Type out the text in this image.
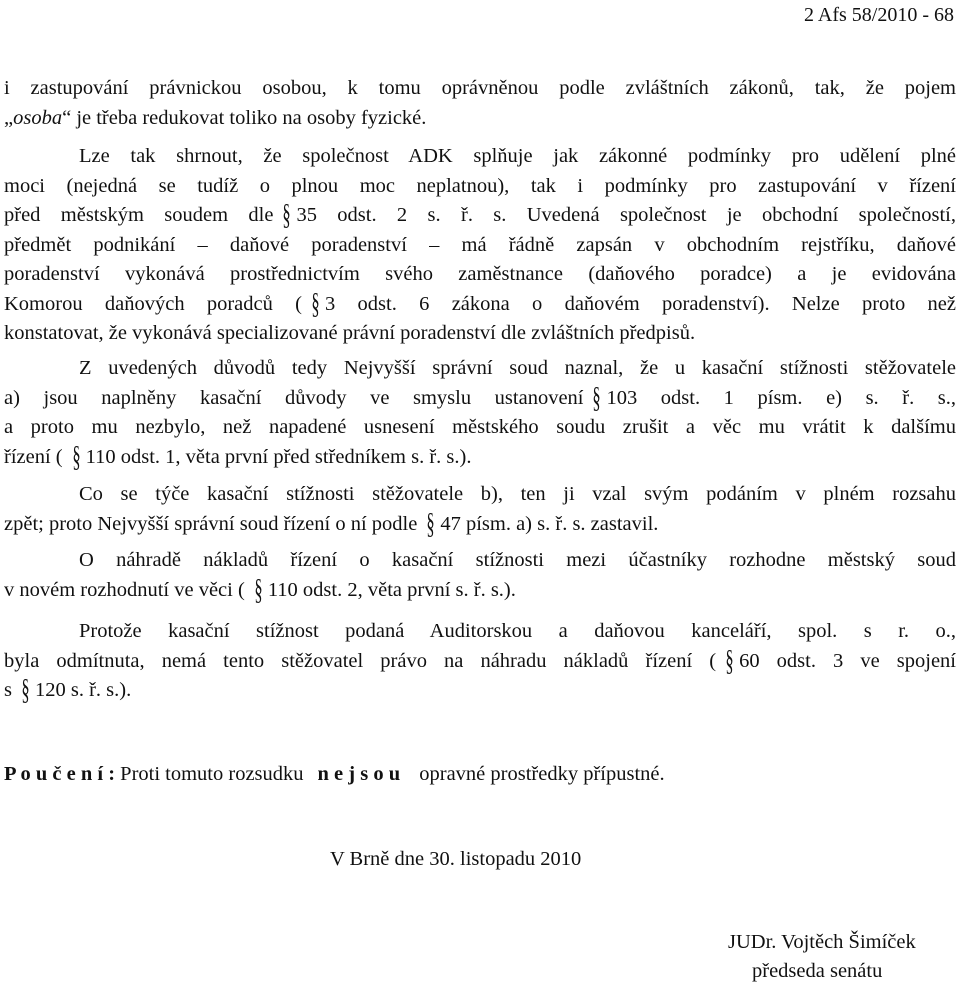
2 Afs 58/2010 - 68
i zastupování právnickou osobou, k tomu oprávněnou podle zvláštních zákonů, tak, že pojem
„osoba“ je třeba redukovat toliko na osoby fyzické.
Lze tak shrnout, že společnost ADK splňuje jak zákonné podmínky pro udělení plné
moci (nejedná se tudíž o plnou moc neplatnou), tak i podmínky pro zastupování v řízení
před městským soudem dle § 35 odst. 2 s. ř. s. Uvedená společnost je obchodní společností,
předmět podnikání – daňové poradenství – má řádně zapsán v obchodním rejstříku, daňové
poradenství vykonává prostřednictvím svého zaměstnance (daňového poradce) a je evidována
Komorou daňových poradců ( § 3 odst. 6 zákona o daňovém poradenství). Nelze proto než
konstatovat, že vykonává specializované právní poradenství dle zvláštních předpisů.
Z uvedených důvodů tedy Nejvyšší správní soud naznal, že u kasační stížnosti stěžovatele
a) jsou naplněny kasační důvody ve smyslu ustanovení § 103 odst. 1 písm. e) s. ř. s.,
a proto mu nezbylo, než napadené usnesení městského soudu zrušit a věc mu vrátit k dalšímu
řízení ( § 110 odst. 1, věta první před středníkem s. ř. s.).
Co se týče kasační stížnosti stěžovatele b), ten ji vzal svým podáním v plném rozsahu
zpět; proto Nejvyšší správní soud řízení o ní podle § 47 písm. a) s. ř. s. zastavil.
O náhradě nákladů řízení o kasační stížnosti mezi účastníky rozhodne městský soud
v novém rozhodnutí ve věci ( § 110 odst. 2, věta první s. ř. s.).
Protože kasační stížnost podaná Auditorskou a daňovou kanceláří, spol. s r. o.,
byla odmítnuta, nemá tento stěžovatel právo na náhradu nákladů řízení ( § 60 odst. 3 ve spojení
s § 120 s. ř. s.).
P o u č e n í : Proti tomuto rozsudku n e j s o u opravné prostředky přípustné.
V Brně dne 30. listopadu 2010
JUDr. Vojtěch Šimíček
předseda senátu
